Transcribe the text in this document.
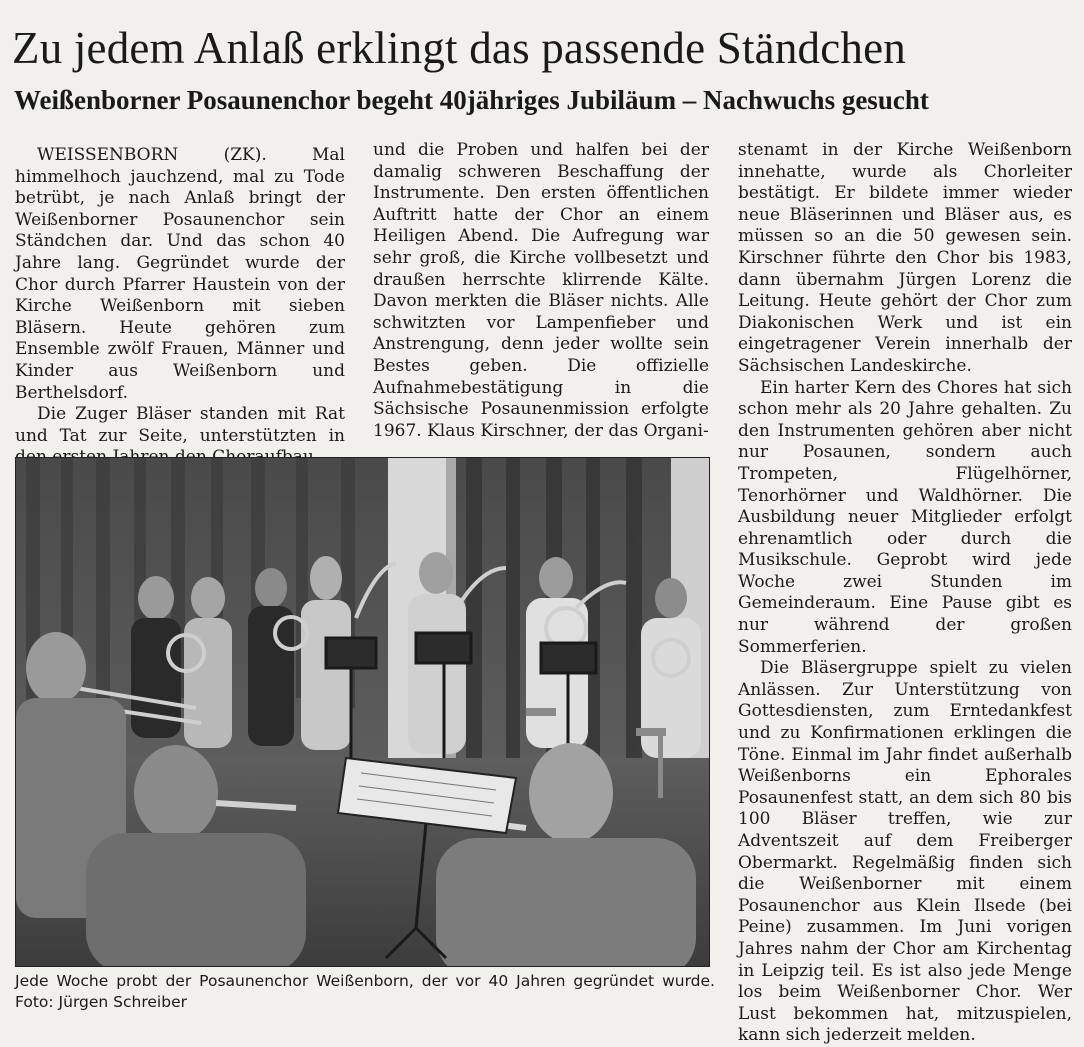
Zu jedem Anlaß erklingt das passende Ständchen
Weißenborner Posaunenchor begeht 40jähriges Jubiläum – Nachwuchs gesucht

WEISSENBORN (ZK). Mal himmelhoch jauchzend, mal zu Tode betrübt, je nach Anlaß bringt der Weißenborner Posaunenchor sein Ständchen dar. Und das schon 40 Jahre lang. Gegründet wurde der Chor durch Pfarrer Haustein von der Kirche Weißenborn mit sieben Bläsern. Heute gehören zum Ensemble zwölf Frauen, Männer und Kinder aus Weißenborn und Berthelsdorf.

Die Zuger Bläser standen mit Rat und Tat zur Seite, unterstützten in

und die Proben und halfen bei der damalig schweren Beschaffung der Instrumente. Den ersten öffentlichen Auftritt hatte der Chor an einem Heiligen Abend. Die Aufregung war sehr groß, die Kirche vollbesetzt und draußen herrschte klirrende Kälte. Davon merkten die Bläser nichts. Alle schwitzten vor Lampenfieber und Anstrengung, denn jeder wollte sein Bestes geben. Die offizielle Aufnahmebestätigung in die Sächsische Posaunenmission erfolgte 1967. Klaus Kirschner, der das Organi-

stenamt in der Kirche Weißenborn innehatte, wurde als Chorleiter bestätigt. Er bildete immer wieder neue Bläserinnen und Bläser aus, es müssen so an die 50 gewesen sein. Kirschner führte den Chor bis 1983, dann übernahm Jürgen Lorenz die Leitung. Heute gehört der Chor zum Diakonischen Werk und ist ein eingetragener Verein innerhalb der Sächsischen Landeskirche.

Ein harter Kern des Chores hat sich schon mehr als 20 Jahre gehalten. Zu den Instrumenten gehören aber nicht nur Posaunen, sondern auch Trompeten, Flügelhörner, Tenorhörner und Waldhörner. Die Ausbildung neuer Mitglieder erfolgt ehrenamtlich oder durch die Musikschule. Geprobt wird jede Woche zwei Stunden im Gemeinderaum. Eine Pause gibt es nur während der großen Sommerferien.

Die Bläsergruppe spielt zu vielen Anlässen. Zur Unterstützung von Gottesdiensten, zum Erntedankfest und zu Konfirmationen erklingen die Töne. Einmal im Jahr findet außerhalb Weißenborns ein Ephorales Posaunenfest statt, an dem sich 80 bis 100 Bläser treffen, wie zur Adventszeit auf dem Freiberger Obermarkt. Regelmäßig finden sich die Weißenborner mit einem Posaunenchor aus Klein Ilsede (bei Peine) zusammen. Im Juni vorigen Jahres nahm der Chor am Kirchentag in Leipzig teil. Es ist also jede Menge los beim Weißenborner Chor. Wer Lust bekommen hat, mitzuspielen, kann sich jederzeit melden.

Jede Woche probt der Posaunenchor Weißenborn, der vor 40 Jahren gegründet wurde. Foto: Jürgen Schreiber
